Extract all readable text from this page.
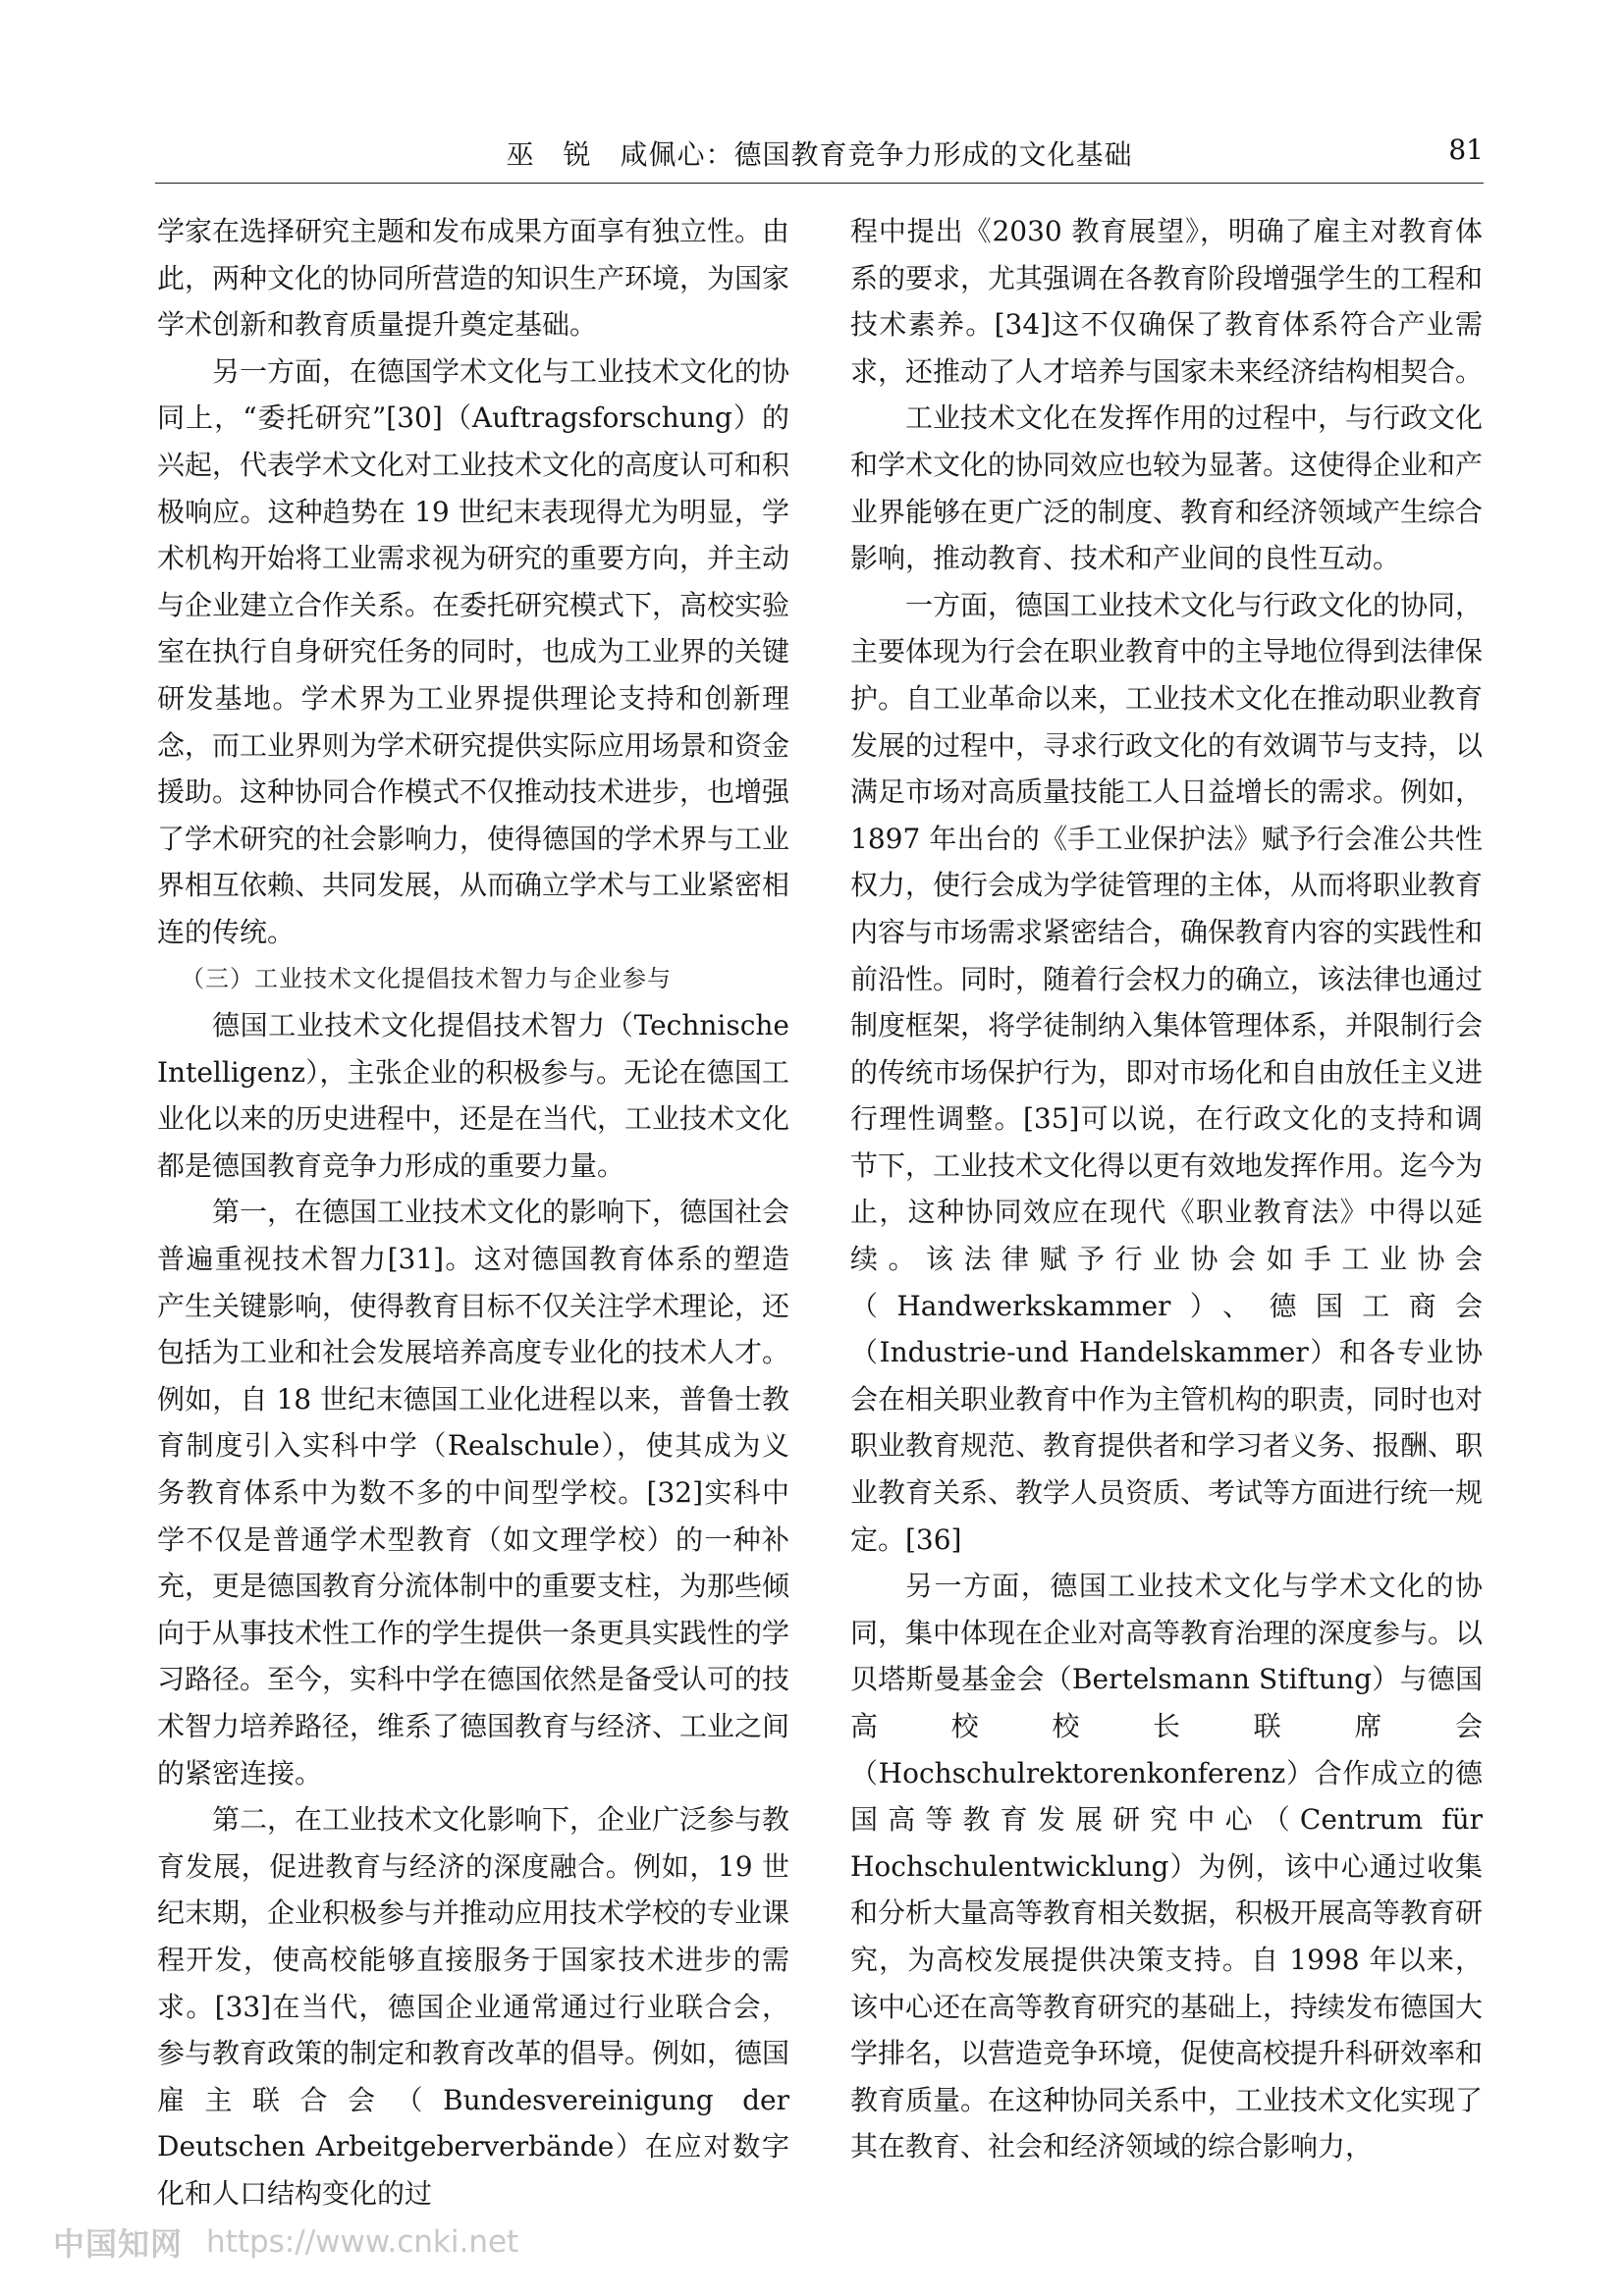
巫　锐　咸佩心：德国教育竞争力形成的文化基础	81

学家在选择研究主题和发布成果方面享有独立性。由此，两种文化的协同所营造的知识生产环境，为国家学术创新和教育质量提升奠定基础。

另一方面，在德国学术文化与工业技术文化的协同上，“委托研究”[30]（Auftragsforschung）的兴起，代表学术文化对工业技术文化的高度认可和积极响应。这种趋势在 19 世纪末表现得尤为明显，学术机构开始将工业需求视为研究的重要方向，并主动与企业建立合作关系。在委托研究模式下，高校实验室在执行自身研究任务的同时，也成为工业界的关键研发基地。学术界为工业界提供理论支持和创新理念，而工业界则为学术研究提供实际应用场景和资金援助。这种协同合作模式不仅推动技术进步，也增强了学术研究的社会影响力，使得德国的学术界与工业界相互依赖、共同发展，从而确立学术与工业紧密相连的传统。

（三）工业技术文化提倡技术智力与企业参与

德国工业技术文化提倡技术智力（Technische Intelligenz），主张企业的积极参与。无论在德国工业化以来的历史进程中，还是在当代，工业技术文化都是德国教育竞争力形成的重要力量。

第一，在德国工业技术文化的影响下，德国社会普遍重视技术智力[31]。这对德国教育体系的塑造产生关键影响，使得教育目标不仅关注学术理论，还包括为工业和社会发展培养高度专业化的技术人才。例如，自 18 世纪末德国工业化进程以来，普鲁士教育制度引入实科中学（Realschule），使其成为义务教育体系中为数不多的中间型学校。[32]实科中学不仅是普通学术型教育（如文理学校）的一种补充，更是德国教育分流体制中的重要支柱，为那些倾向于从事技术性工作的学生提供一条更具实践性的学习路径。至今，实科中学在德国依然是备受认可的技术智力培养路径，维系了德国教育与经济、工业之间的紧密连接。

第二，在工业技术文化影响下，企业广泛参与教育发展，促进教育与经济的深度融合。例如，19 世纪末期，企业积极参与并推动应用技术学校的专业课程开发，使高校能够直接服务于国家技术进步的需求。[33]在当代，德国企业通常通过行业联合会，参与教育政策的制定和教育改革的倡导。例如，德国雇主联合会（Bundesvereinigung der Deutschen Arbeitgeberverbände）在应对数字化和人口结构变化的过

程中提出《2030 教育展望》，明确了雇主对教育体系的要求，尤其强调在各教育阶段增强学生的工程和技术素养。[34]这不仅确保了教育体系符合产业需求，还推动了人才培养与国家未来经济结构相契合。

工业技术文化在发挥作用的过程中，与行政文化和学术文化的协同效应也较为显著。这使得企业和产业界能够在更广泛的制度、教育和经济领域产生综合影响，推动教育、技术和产业间的良性互动。

一方面，德国工业技术文化与行政文化的协同，主要体现为行会在职业教育中的主导地位得到法律保护。自工业革命以来，工业技术文化在推动职业教育发展的过程中，寻求行政文化的有效调节与支持，以满足市场对高质量技能工人日益增长的需求。例如，1897 年出台的《手工业保护法》赋予行会准公共性权力，使行会成为学徒管理的主体，从而将职业教育内容与市场需求紧密结合，确保教育内容的实践性和前沿性。同时，随着行会权力的确立，该法律也通过制度框架，将学徒制纳入集体管理体系，并限制行会的传统市场保护行为，即对市场化和自由放任主义进行理性调整。[35]可以说，在行政文化的支持和调节下，工业技术文化得以更有效地发挥作用。迄今为止，这种协同效应在现代《职业教育法》中得以延续。该法律赋予行业协会如手工业协会（Handwerkskammer）、德国工商会（Industrie-und Handelskammer）和各专业协会在相关职业教育中作为主管机构的职责，同时也对职业教育规范、教育提供者和学习者义务、报酬、职业教育关系、教学人员资质、考试等方面进行统一规定。[36]

另一方面，德国工业技术文化与学术文化的协同，集中体现在企业对高等教育治理的深度参与。以贝塔斯曼基金会（Bertelsmann Stiftung）与德国高校校长联席会（Hochschulrektorenkonferenz）合作成立的德国高等教育发展研究中心（Centrum für Hochschulentwicklung）为例，该中心通过收集和分析大量高等教育相关数据，积极开展高等教育研究，为高校发展提供决策支持。自 1998 年以来，该中心还在高等教育研究的基础上，持续发布德国大学排名，以营造竞争环境，促使高校提升科研效率和教育质量。在这种协同关系中，工业技术文化实现了其在教育、社会和经济领域的综合影响力，

中国知网 https://www.cnki.net
